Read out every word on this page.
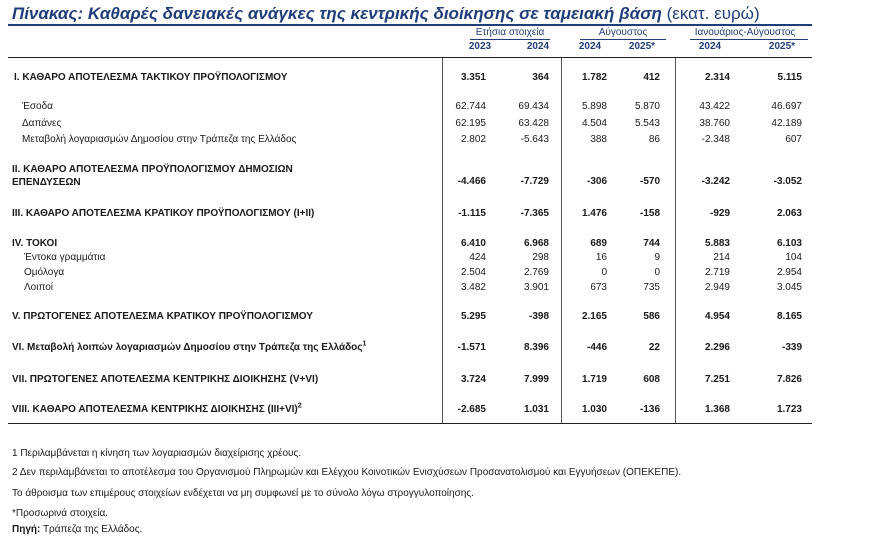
Πίνακας: Καθαρές δανειακές ανάγκες της κεντρικής διοίκησης σε ταμειακή βάση (εκατ. ευρώ)
Ετήσια στοιχεία	Αύγουστος	Ιανουάριος-Αύγουστος
2023	2024	2024	2025*	2024	2025*
I. ΚΑΘΑΡΟ ΑΠΟΤΕΛΕΣΜΑ ΤΑΚΤΙΚΟΥ ΠΡΟΫΠΟΛΟΓΙΣΜΟΥ	3.351	364	1.782	412	2.314	5.115
Έσοδα	62.744	69.434	5.898	5.870	43.422	46.697
Δαπάνες	62.195	63.428	4.504	5.543	38.760	42.189
Μεταβολή λογαριασμών Δημοσίου στην Τράπεζα της Ελλάδος	2.802	-5.643	388	86	-2.348	607
II. ΚΑΘΑΡΟ ΑΠΟΤΕΛΕΣΜΑ ΠΡΟΫΠΟΛΟΓΙΣΜΟΥ ΔΗΜΟΣΙΩΝ ΕΠΕΝΔΥΣΕΩΝ	-4.466	-7.729	-306	-570	-3.242	-3.052
III. ΚΑΘΑΡΟ ΑΠΟΤΕΛΕΣΜΑ ΚΡΑΤΙΚΟΥ ΠΡΟΫΠΟΛΟΓΙΣΜΟΥ (I+II)	-1.115	-7.365	1.476	-158	-929	2.063
IV. ΤΟΚΟΙ	6.410	6.968	689	744	5.883	6.103
Έντοκα γραμμάτια	424	298	16	9	214	104
Ομόλογα	2.504	2.769	0	0	2.719	2.954
Λοιποί	3.482	3.901	673	735	2.949	3.045
V. ΠΡΩΤΟΓΕΝΕΣ ΑΠΟΤΕΛΕΣΜΑ ΚΡΑΤΙΚΟΥ ΠΡΟΫΠΟΛΟΓΙΣΜΟΥ	5.295	-398	2.165	586	4.954	8.165
VI. Μεταβολή λοιπών λογαριασμών Δημοσίου στην Τράπεζα της Ελλάδος$^1$	-1.571	8.396	-446	22	2.296	-339
VII. ΠΡΩΤΟΓΕΝΕΣ ΑΠΟΤΕΛΕΣΜΑ ΚΕΝΤΡΙΚΗΣ ΔΙΟΙΚΗΣΗΣ (V+VI)	3.724	7.999	1.719	608	7.251	7.826
VIII. ΚΑΘΑΡΟ ΑΠΟΤΕΛΕΣΜΑ ΚΕΝΤΡΙΚΗΣ ΔΙΟΙΚΗΣΗΣ $(III+VI)^2$	-2.685	1.031	1.030	-136	1.368	1.723
1 Περιλαμβάνεται η κίνηση των λογαριασμών διαχείρισης χρέους.
2 Δεν περιλαμβάνεται το αποτέλεσμα του Οργανισμού Πληρωμών και Ελέγχου Κοινοτικών Ενισχύσεων Προσανατολισμού και Εγγυήσεων (ΟΠΕΚΕΠΕ).
Το άθροισμα των επιμέρους στοιχείων ενδέχεται να μη συμφωνεί με το σύνολο λόγω στρογγυλοποίησης.
*Προσωρινά στοιχεία.
Πηγή: Τράπεζα της Ελλάδος.
